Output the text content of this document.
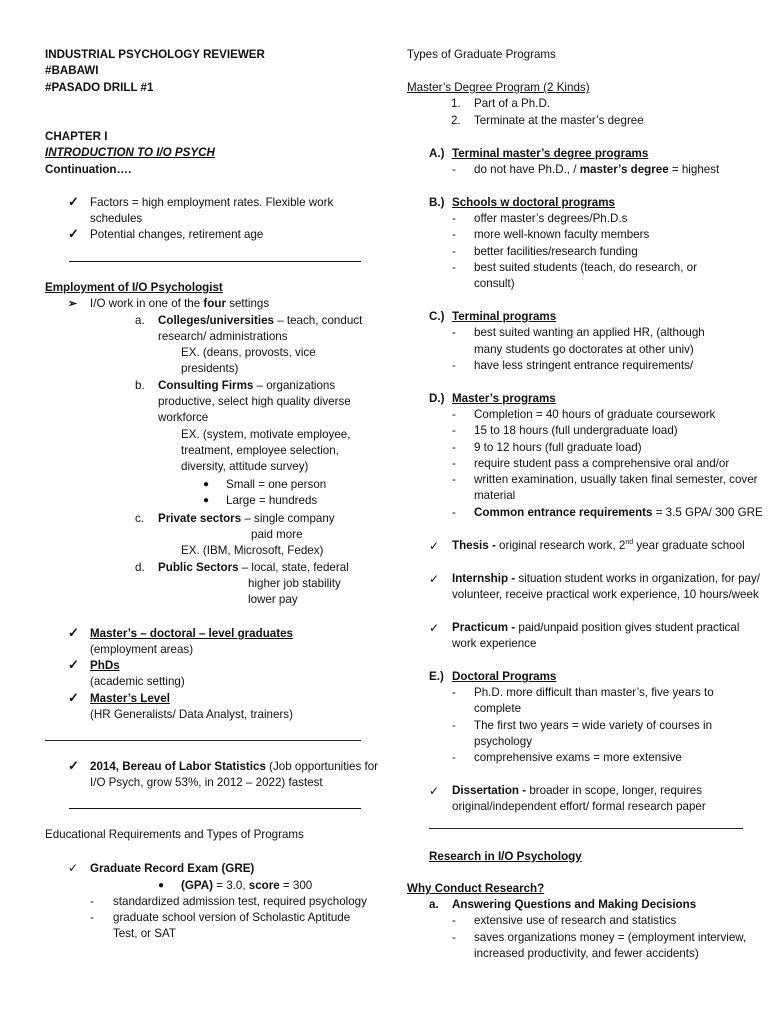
INDUSTRIAL PSYCHOLOGY REVIEWER
#BABAWI
#PASADO DRILL #1
CHAPTER I
INTRODUCTION TO I/O PSYCH
Continuation….
✓ Factors = high employment rates. Flexible work
schedules
✓ Potential changes, retirement age
Employment of I/O Psychologist
➢ I/O work in one of the four settings
a. Colleges/universities – teach, conduct
research/ administrations
EX. (deans, provosts, vice
presidents)
b. Consulting Firms – organizations
productive, select high quality diverse
workforce
EX. (system, motivate employee,
treatment, employee selection,
diversity, attitude survey)
● Small = one person
● Large = hundreds
c. Private sectors – single company
paid more
EX. (IBM, Microsoft, Fedex)
d. Public Sectors – local, state, federal
higher job stability
lower pay
✓ Master’s – doctoral – level graduates
(employment areas)
✓ PhDs
(academic setting)
✓ Master’s Level
(HR Generalists/ Data Analyst, trainers)
✓ 2014, Bereau of Labor Statistics (Job opportunities for
I/O Psych, grow 53%, in 2012 – 2022) fastest
Educational Requirements and Types of Programs
✓ Graduate Record Exam (GRE)
● (GPA) = 3.0, score = 300
- standardized admission test, required psychology
- graduate school version of Scholastic Aptitude
Test, or SAT
Types of Graduate Programs
Master’s Degree Program (2 Kinds)
1. Part of a Ph.D.
2. Terminate at the master’s degree
A.) Terminal master’s degree programs
- do not have Ph.D., / master’s degree = highest
B.) Schools w doctoral programs
- offer master’s degrees/Ph.D.s
- more well-known faculty members
- better facilities/research funding
- best suited students (teach, do research, or
consult)
C.) Terminal programs
- best suited wanting an applied HR, (although
many students go doctorates at other univ)
- have less stringent entrance requirements/
D.) Master’s programs
- Completion = 40 hours of graduate coursework
- 15 to 18 hours (full undergraduate load)
- 9 to 12 hours (full graduate load)
- require student pass a comprehensive oral and/or
- written examination, usually taken final semester, cover
material
- Common entrance requirements = 3.5 GPA/ 300 GRE
✓ Thesis - original research work, 2nd year graduate school
✓ Internship - situation student works in organization, for pay/
volunteer, receive practical work experience, 10 hours/week
✓ Practicum - paid/unpaid position gives student practical
work experience
E.) Doctoral Programs
- Ph.D. more difficult than master’s, five years to
complete
- The first two years = wide variety of courses in
psychology
- comprehensive exams = more extensive
✓ Dissertation - broader in scope, longer, requires
original/independent effort/ formal research paper
Research in I/O Psychology
Why Conduct Research?
a. Answering Questions and Making Decisions
- extensive use of research and statistics
- saves organizations money = (employment interview,
increased productivity, and fewer accidents)
